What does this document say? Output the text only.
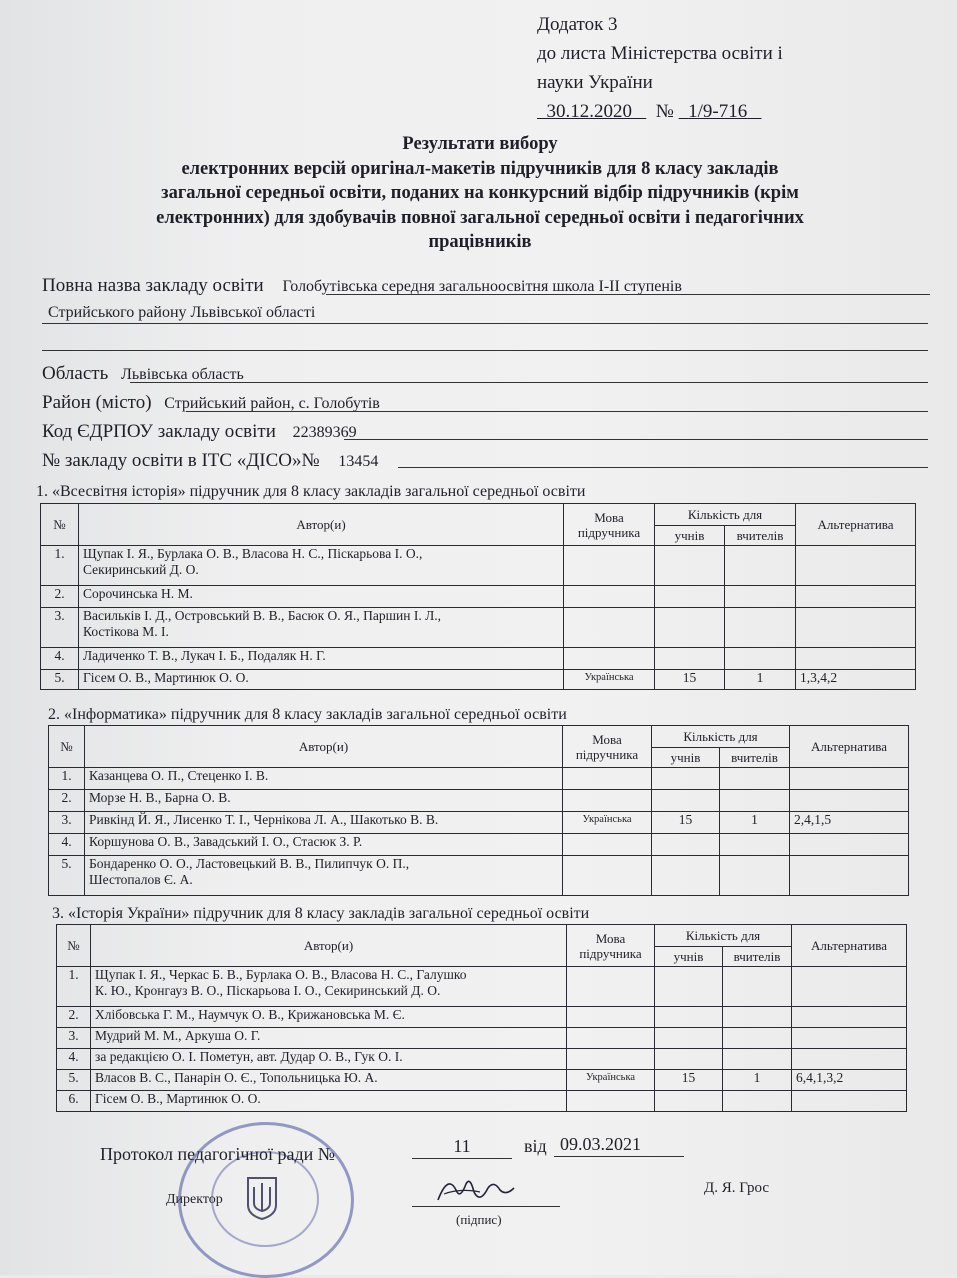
Додаток 3
до листа Міністерства освіти і
науки України
30.12.2020 № 1/9-716
Результати вибору
електронних версій оригінал-макетів підручників для 8 класу закладів
загальної середньої освіти, поданих на конкурсний відбір підручників (крім
електронних) для здобувачів повної загальної середньої освіти і педагогічних
працівників
Повна назва закладу освіти Голобутівська середня загальноосвітня школа І-ІІ ступенів
Стрийського району Львівської області
Область Львівська область
Район (місто) Стрийський район, с. Голобутів
Код ЄДРПОУ закладу освіти 22389369
№ закладу освіти в ІТС «ДІСО»№ 13454
1. «Всесвітня історія» підручник для 8 класу закладів загальної середньої освіти
№	Автор(и)	Мова
підручника	Кількість для		Альтернатива
			учнів	вчителів	
1.	Щупак І. Я., Бурлака О. В., Власова Н. С., Піскарьова І. О.,
Секиринський Д. О.				
2.	Сорочинська Н. М.				
3.	Васильків І. Д., Островський В. В., Басюк О. Я., Паршин І. Л.,
Костікова М. І.				
4.	Ладиченко Т. В., Лукач І. Б., Подаляк Н. Г.				
5.	Гісем О. В., Мартинюк О. О.	Українська	15	1	1,3,4,2
2. «Інформатика» підручник для 8 класу закладів загальної середньої освіти
№	Автор(и)	Мова
підручника	Кількість для		Альтернатива
			учнів	вчителів	
1.	Казанцева О. П., Стеценко І. В.				
2.	Морзе Н. В., Барна О. В.				
3.	Ривкінд Й. Я., Лисенко Т. І., Чернікова Л. А., Шакотько В. В.	Українська	15	1	2,4,1,5
4.	Коршунова О. В., Завадський І. О., Стасюк З. Р.				
5.	Бондаренко О. О., Ластовецький В. В., Пилипчук О. П.,
Шестопалов Є. А.				
3. «Історія України» підручник для 8 класу закладів загальної середньої освіти
№	Автор(и)	Мова
підручника	Кількість для		Альтернатива
			учнів	вчителів	
1.	Щупак І. Я., Черкас Б. В., Бурлака О. В., Власова Н. С., Галушко
К. Ю., Кронгауз В. О., Піскарьова І. О., Секиринський Д. О.				
2.	Хлібовська Г. М., Наумчук О. В., Крижановська М. Є.				
3.	Мудрий М. М., Аркуша О. Г.				
4.	за редакцією О. І. Пометун, авт. Дудар О. В., Гук О. І.				
5.	Власов В. С., Панарін О. Є., Топольницька Ю. А.	Українська	15	1	6,4,1,3,2
6.	Гісем О. В., Мартинюк О. О.				
Протокол педагогічної ради №	11	від 09.03.2021
Директор
(підпис)
Д. Я. Грос
